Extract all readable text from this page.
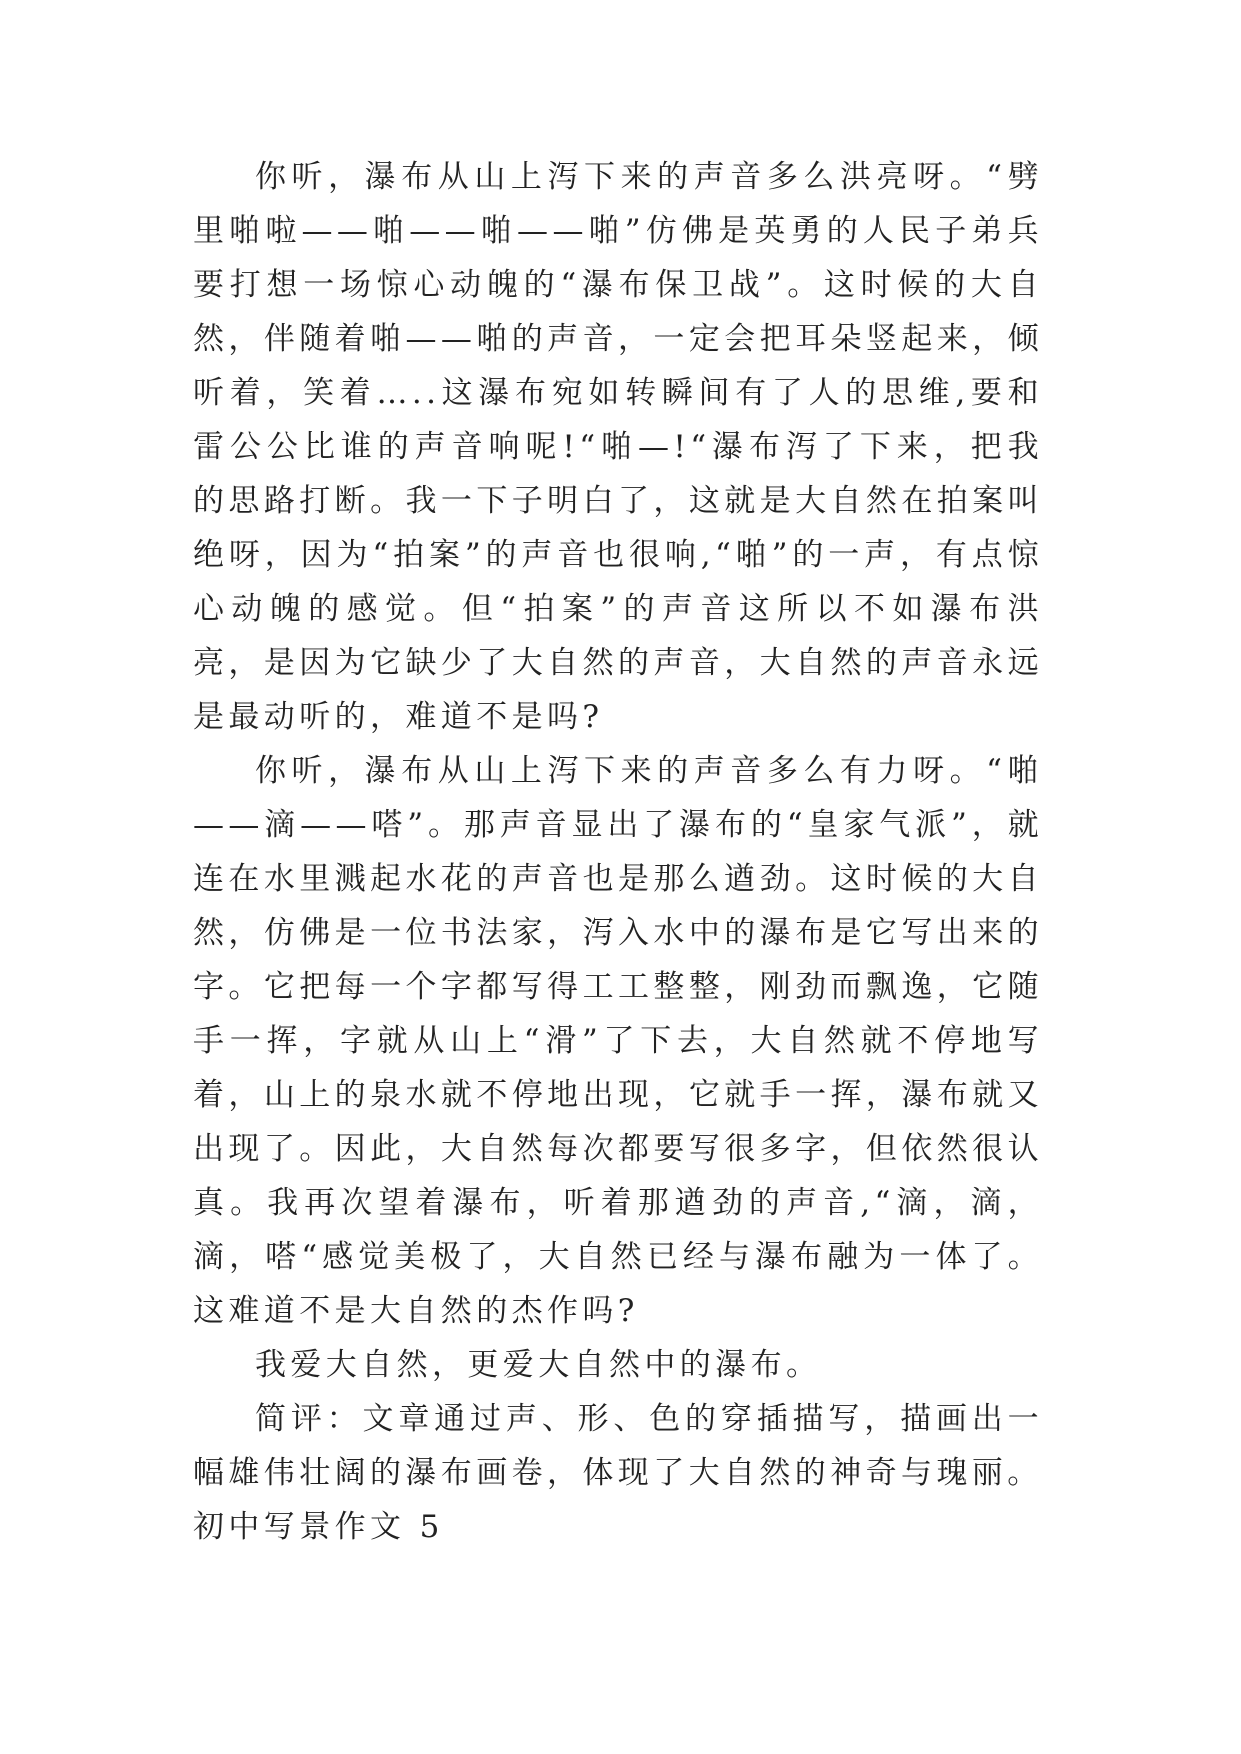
你听，瀑布从山上泻下来的声音多么洪亮呀。“劈里啪啦——啪——啪——啪”仿佛是英勇的人民子弟兵要打想一场惊心动魄的“瀑布保卫战”。这时候的大自然，伴随着啪——啪的声音，一定会把耳朵竖起来，倾听着，笑着…..这瀑布宛如转瞬间有了人的思维,要和雷公公比谁的声音响呢!“啪—!“瀑布泻了下来，把我的思路打断。我一下子明白了，这就是大自然在拍案叫绝呀，因为“拍案”的声音也很响,“啪”的一声，有点惊心动魄的感觉。但“拍案”的声音这所以不如瀑布洪亮，是因为它缺少了大自然的声音，大自然的声音永远是最动听的，难道不是吗?

你听，瀑布从山上泻下来的声音多么有力呀。“啪——滴——嗒”。那声音显出了瀑布的“皇家气派”，就连在水里溅起水花的声音也是那么遒劲。这时候的大自然，仿佛是一位书法家，泻入水中的瀑布是它写出来的字。它把每一个字都写得工工整整，刚劲而飘逸，它随手一挥，字就从山上“滑”了下去，大自然就不停地写着，山上的泉水就不停地出现，它就手一挥，瀑布就又出现了。因此，大自然每次都要写很多字，但依然很认真。我再次望着瀑布，听着那遒劲的声音,“滴，滴，滴，嗒“感觉美极了，大自然已经与瀑布融为一体了。这难道不是大自然的杰作吗?

我爱大自然，更爱大自然中的瀑布。

简评：文章通过声、形、色的穿插描写，描画出一幅雄伟壮阔的瀑布画卷，体现了大自然的神奇与瑰丽。

初中写景作文 5
